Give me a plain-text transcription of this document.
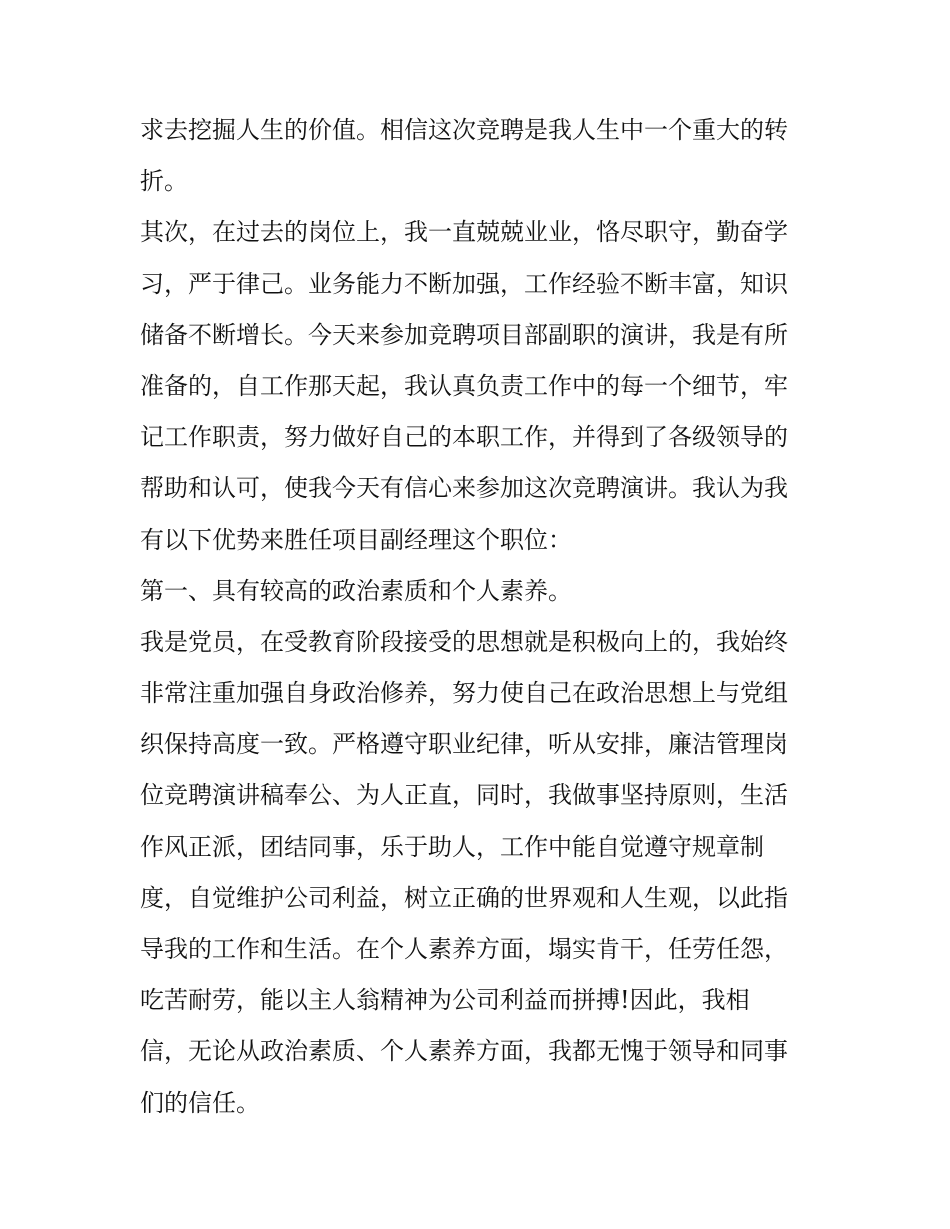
求去挖掘人生的价值。相信这次竞聘是我人生中一个重大的转
折。
其次，在过去的岗位上，我一直兢兢业业，恪尽职守，勤奋学
习，严于律己。业务能力不断加强，工作经验不断丰富，知识
储备不断增长。今天来参加竞聘项目部副职的演讲，我是有所
准备的，自工作那天起，我认真负责工作中的每一个细节，牢
记工作职责，努力做好自己的本职工作，并得到了各级领导的
帮助和认可，使我今天有信心来参加这次竞聘演讲。我认为我
有以下优势来胜任项目副经理这个职位：
第一、具有较高的政治素质和个人素养。
我是党员，在受教育阶段接受的思想就是积极向上的，我始终
非常注重加强自身政治修养，努力使自己在政治思想上与党组
织保持高度一致。严格遵守职业纪律，听从安排，廉洁管理岗
位竞聘演讲稿奉公、为人正直，同时，我做事坚持原则，生活
作风正派，团结同事，乐于助人，工作中能自觉遵守规章制
度，自觉维护公司利益，树立正确的世界观和人生观，以此指
导我的工作和生活。在个人素养方面，塌实肯干，任劳任怨，
吃苦耐劳，能以主人翁精神为公司利益而拼搏!因此，我相
信，无论从政治素质、个人素养方面，我都无愧于领导和同事
们的信任。
